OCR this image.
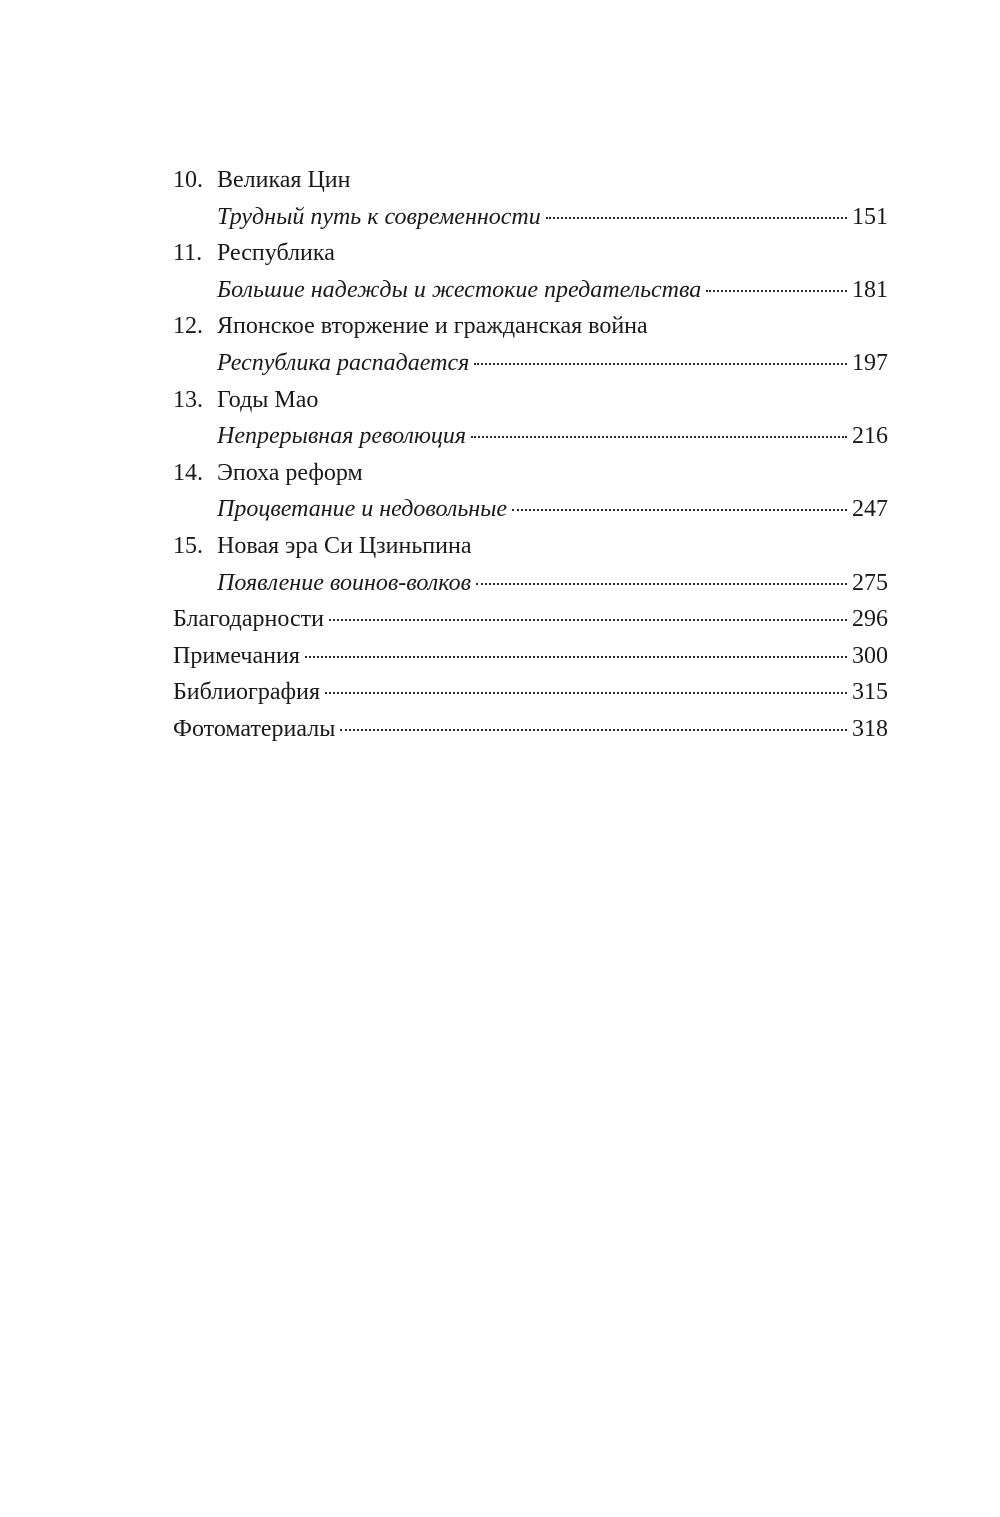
10. Великая Цин
Трудный путь к современности	151
11. Республика
Большие надежды и жестокие предательства	181
12. Японское вторжение и гражданская война
Республика распадается	197
13. Годы Мао
Непрерывная революция	216
14. Эпоха реформ
Процветание и недовольные	247
15. Новая эра Си Цзиньпина
Появление воинов-волков	275
Благодарности	296
Примечания	300
Библиография	315
Фотоматериалы	318
